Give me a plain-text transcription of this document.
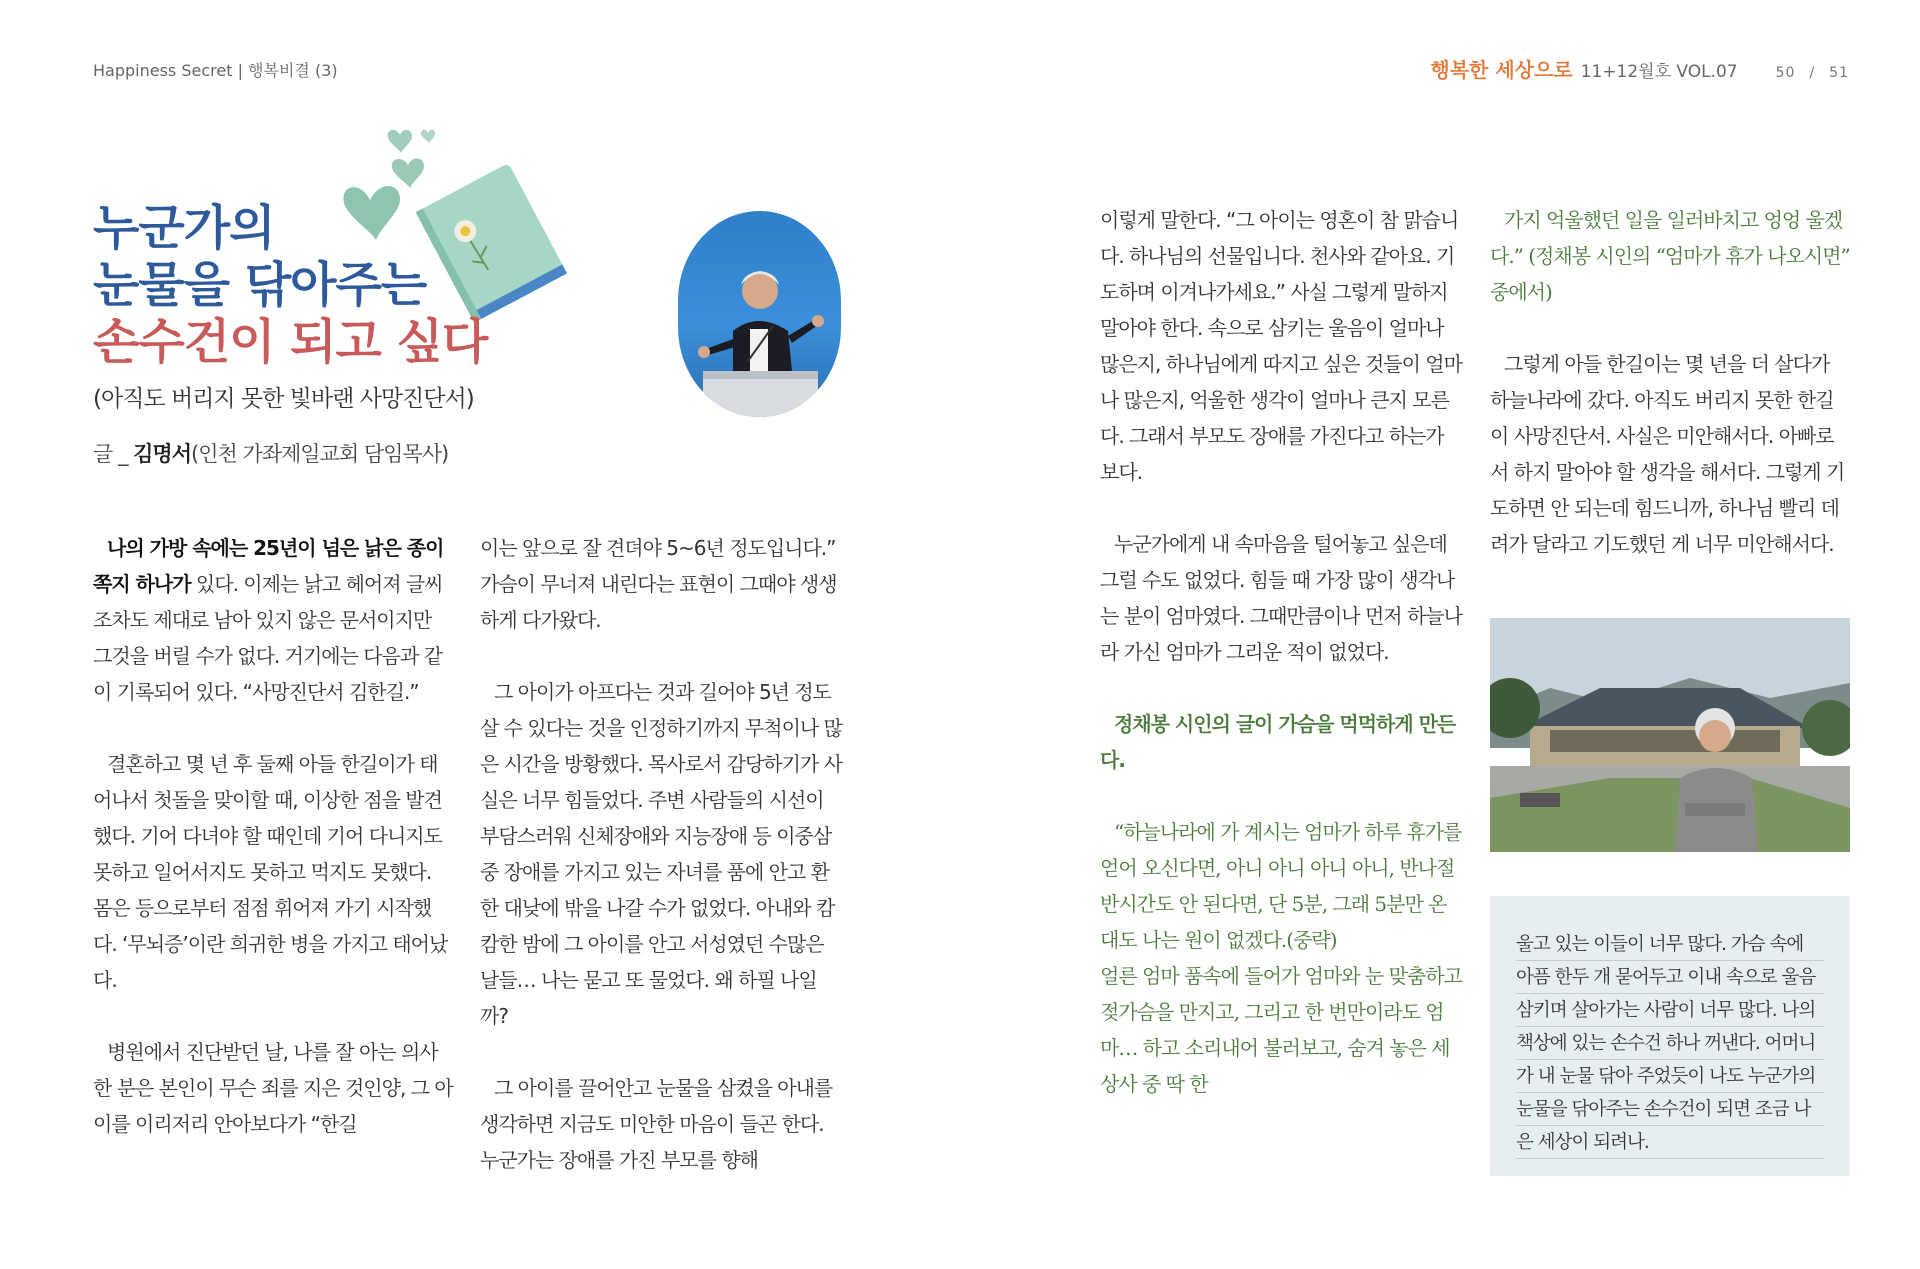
Happiness Secret | 행복비결 (3)	행복한 세상으로 11+12월호 VOL.07	50 / 51
누군가의
눈물을 닦아주는
손수건이 되고 싶다
(아직도 버리지 못한 빛바랜 사망진단서)
글 _ 김명서(인천 가좌제일교회 담임목사)

나의 가방 속에는 25년이 넘은 낡은 종이쪽지 하나가 있다. 이제는 낡고 헤어져 글씨조차도 제대로 남아 있지 않은 문서이지만 그것을 버릴 수가 없다. 거기에는 다음과 같이 기록되어 있다. “사망진단서 김한길.”

결혼하고 몇 년 후 둘째 아들 한길이가 태어나서 첫돌을 맞이할 때, 이상한 점을 발견했다. 기어 다녀야 할 때인데 기어 다니지도 못하고 일어서지도 못하고 먹지도 못했다. 몸은 등으로부터 점점 휘어져 가기 시작했다. ‘무뇌증’이란 희귀한 병을 가지고 태어났다.

병원에서 진단받던 날, 나를 잘 아는 의사 한 분은 본인이 무슨 죄를 지은 것인양, 그 아이를 이리저리 안아보다가 “한길

이는 앞으로 잘 견뎌야 5~6년 정도입니다.” 가슴이 무너져 내린다는 표현이 그때야 생생하게 다가왔다.

그 아이가 아프다는 것과 길어야 5년 정도 살 수 있다는 것을 인정하기까지 무척이나 많은 시간을 방황했다. 목사로서 감당하기가 사실은 너무 힘들었다. 주변 사람들의 시선이 부담스러워 신체장애와 지능장애 등 이중삼중 장애를 가지고 있는 자녀를 품에 안고 환한 대낮에 밖을 나갈 수가 없었다. 아내와 캄캄한 밤에 그 아이를 안고 서성였던 수많은 날들… 나는 묻고 또 물었다. 왜 하필 나일까?

그 아이를 끌어안고 눈물을 삼켰을 아내를 생각하면 지금도 미안한 마음이 들곤 한다. 누군가는 장애를 가진 부모를 향해

이렇게 말한다. “그 아이는 영혼이 참 맑습니다. 하나님의 선물입니다. 천사와 같아요. 기도하며 이겨나가세요.” 사실 그렇게 말하지 말아야 한다. 속으로 삼키는 울음이 얼마나 많은지, 하나님에게 따지고 싶은 것들이 얼마나 많은지, 억울한 생각이 얼마나 큰지 모른다. 그래서 부모도 장애를 가진다고 하는가 보다.

누군가에게 내 속마음을 털어놓고 싶은데 그럴 수도 없었다. 힘들 때 가장 많이 생각나는 분이 엄마였다. 그때만큼이나 먼저 하늘나라 가신 엄마가 그리운 적이 없었다.

정채봉 시인의 글이 가슴을 먹먹하게 만든다.

“하늘나라에 가 계시는 엄마가 하루 휴가를 얻어 오신다면, 아니 아니 아니 아니, 반나절 반시간도 안 된다면, 단 5분, 그래 5분만 온대도 나는 원이 없겠다.(중략)

얼른 엄마 품속에 들어가 엄마와 눈 맞춤하고 젖가슴을 만지고, 그리고 한 번만이라도 엄마… 하고 소리내어 불러보고, 숨겨 놓은 세상사 중 딱 한

가지 억울했던 일을 일러바치고 엉엉 울겠다.” (정채봉 시인의 “엄마가 휴가 나오시면” 중에서)

그렇게 아들 한길이는 몇 년을 더 살다가 하늘나라에 갔다. 아직도 버리지 못한 한길이 사망진단서. 사실은 미안해서다. 아빠로서 하지 말아야 할 생각을 해서다. 그렇게 기도하면 안 되는데 힘드니까, 하나님 빨리 데려가 달라고 기도했던 게 너무 미안해서다.

울고 있는 이들이 너무 많다. 가슴 속에 아픔 한두 개 묻어두고 이내 속으로 울음 삼키며 살아가는 사람이 너무 많다. 나의 책상에 있는 손수건 하나 꺼낸다. 어머니가 내 눈물 닦아 주었듯이 나도 누군가의 눈물을 닦아주는 손수건이 되면 조금 나은 세상이 되려나.
